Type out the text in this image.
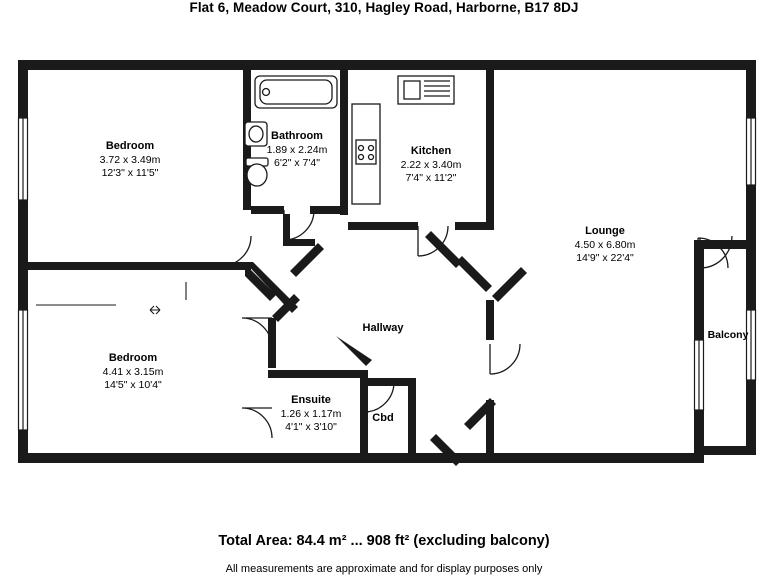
Flat 6, Meadow Court, 310, Hagley Road, Harborne, B17 8DJ
Bedroom
3.72 x 3.49m
12'3" x 11'5"
Bathroom
1.89 x 2.24m
6'2" x 7'4"
Kitchen
2.22 x 3.40m
7'4" x 11'2"
Lounge
4.50 x 6.80m
14'9" x 22'4"
Bedroom
4.41 x 3.15m
14'5" x 10'4"
Ensuite
1.26 x 1.17m
4'1" x 3'10"
Hallway
Cbd
Balcony
Total Area: 84.4 m² ... 908 ft² (excluding balcony)
All measurements are approximate and for display purposes only
